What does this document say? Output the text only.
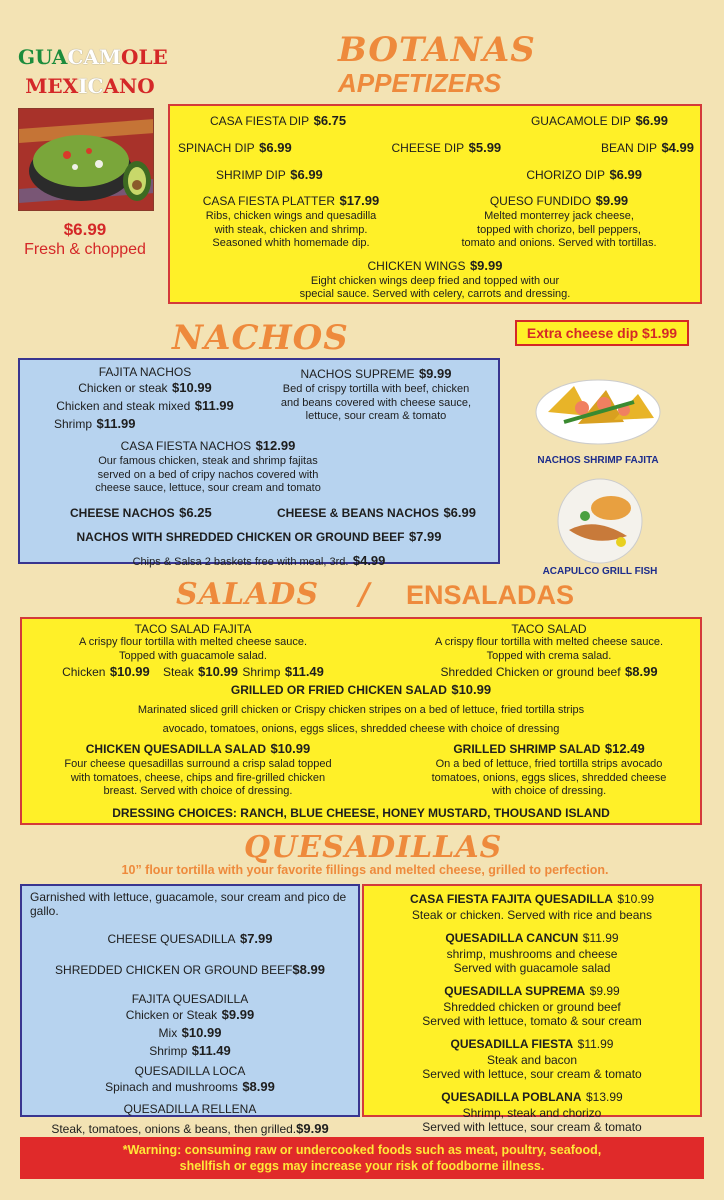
GUACAMOLE
MEXICANO
$6.99
Fresh & chopped
BOTANAS
APPETIZERS
CASA FIESTA DIP $6.75	GUACAMOLE DIP $6.99
SPINACH DIP $6.99	CHEESE DIP $5.99	BEAN DIP $4.99
SHRIMP DIP $6.99	CHORIZO DIP $6.99
CASA FIESTA PLATTER $17.99
Ribs, chicken wings and quesadilla
with steak, chicken and shrimp.
Seasoned whith homemade dip.
QUESO FUNDIDO $9.99
Melted monterrey jack cheese,
topped with chorizo, bell peppers,
tomato and onions. Served with tortillas.
CHICKEN WINGS $9.99
Eight chicken wings deep fried and topped with our
special sauce. Served with celery, carrots and dressing.
NACHOS	Extra cheese dip $1.99
FAJITA NACHOS
Chicken or steak $10.99
Chicken and steak mixed $11.99
Shrimp $11.99
NACHOS SUPREME $9.99
Bed of crispy tortilla with beef, chicken
and beans covered with cheese sauce,
lettuce, sour cream & tomato
CASA FIESTA NACHOS $12.99
Our famous chicken, steak and shrimp fajitas
served on a bed of cripy nachos covered with
cheese sauce, lettuce, sour cream and tomato
CHEESE NACHOS $6.25	CHEESE & BEANS NACHOS $6.99
NACHOS WITH SHREDDED CHICKEN OR GROUND BEEF $7.99
Chips & Salsa 2 baskets free with meal, 3rd. $4.99
NACHOS SHRIMP FAJITA
ACAPULCO GRILL FISH
SALADS / ENSALADAS
TACO SALAD FAJITA
A crispy flour tortilla with melted cheese sauce.
Topped with guacamole salad.
Chicken $10.99 Steak $10.99 Shrimp $11.49
TACO SALAD
A crispy flour tortilla with melted cheese sauce.
Topped with crema salad.
Shredded Chicken or ground beef $8.99
GRILLED OR FRIED CHICKEN SALAD $10.99
Marinated sliced grill chicken or Crispy chicken stripes on a bed of lettuce, fried tortilla strips
avocado, tomatoes, onions, eggs slices, shredded cheese with choice of dressing
CHICKEN QUESADILLA SALAD $10.99
Four cheese quesadillas surround a crisp salad topped
with tomatoes, cheese, chips and fire-grilled chicken
breast. Served with choice of dressing.
GRILLED SHRIMP SALAD $12.49
On a bed of lettuce, fried tortilla strips avocado
tomatoes, onions, eggs slices, shredded cheese
with choice of dressing.
DRESSING CHOICES: RANCH, BLUE CHEESE, HONEY MUSTARD, THOUSAND ISLAND
QUESADILLAS
10” flour tortilla with your favorite fillings and melted cheese, grilled to perfection.
Garnished with lettuce, guacamole, sour cream and pico de gallo.
CHEESE QUESADILLA $7.99
SHREDDED CHICKEN OR GROUND BEEF$8.99
FAJITA QUESADILLA
Chicken or Steak $9.99
Mix $10.99
Shrimp $11.49
QUESADILLA LOCA
Spinach and mushrooms $8.99
QUESADILLA RELLENA
Steak, tomatoes, onions & beans, then grilled.$9.99
CASA FIESTA FAJITA QUESADILLA $10.99
Steak or chicken. Served with rice and beans
QUESADILLA CANCUN $11.99
shrimp, mushrooms and cheese
Served with guacamole salad
QUESADILLA SUPREMA $9.99
Shredded chicken or ground beef
Served with lettuce, tomato & sour cream
QUESADILLA FIESTA $11.99
Steak and bacon
Served with lettuce, sour cream & tomato
QUESADILLA POBLANA $13.99
Shrimp, steak and chorizo
Served with lettuce, sour cream & tomato
*Warning: consuming raw or undercooked foods such as meat, poultry, seafood,
shellfish or eggs may increase your risk of foodborne illness.
